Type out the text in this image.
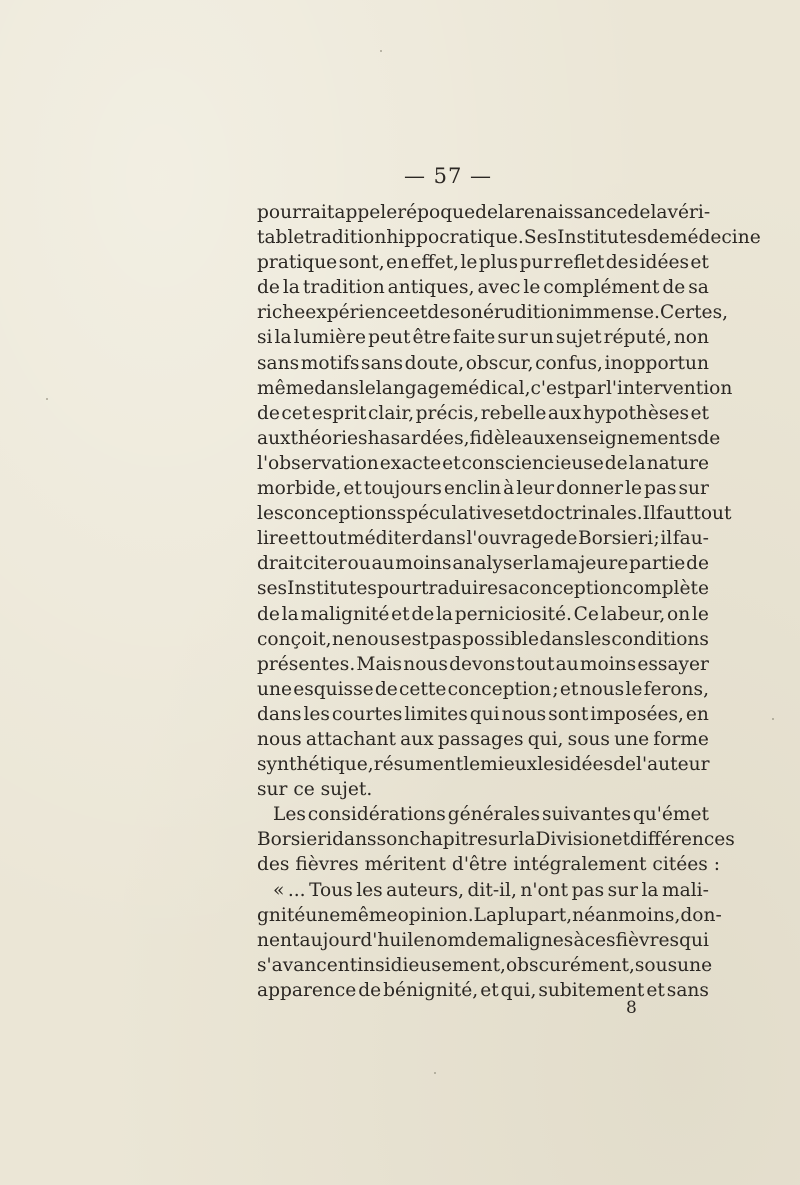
— 57 —
pourrait appeler époque de la renaissance de la véri-
table tradition hippocratique. Ses Institutes de médecine
pratique sont, en effet, le plus pur reflet des idées et
de la tradition antiques, avec le complément de sa
riche expérience et de son érudition immense. Certes,
si la lumière peut être faite sur un sujet réputé, non
sans motifs sans doute, obscur, confus, inopportun
même dans le langage médical, c'est par l'intervention
de cet esprit clair, précis, rebelle aux hypothèses et
aux théories hasardées, fidèle aux enseignements de
l'observation exacte et consciencieuse de la nature
morbide, et toujours enclin à leur donner le pas sur
les conceptions spéculatives et doctrinales. Il faut tout
lire et tout méditer dans l'ouvrage de Borsieri ; il fau-
drait citer ou au moins analyser la majeure partie de
ses Institutes pour traduire sa conception complète
de la malignité et de la perniciosité. Ce labeur, on le
conçoit, ne nous est pas possible dans les conditions
présentes. Mais nous devons tout au moins essayer
une esquisse de cette conception ; et nous le ferons,
dans les courtes limites qui nous sont imposées, en
nous attachant aux passages qui, sous une forme
synthétique, résument le mieux les idées de l'auteur
sur ce sujet.
Les considérations générales suivantes qu'émet
Borsieri dans son chapitre sur la Division et différences
des fièvres méritent d'être intégralement citées :
« ... Tous les auteurs, dit-il, n'ont pas sur la mali-
gnité une même opinion. La plupart, néanmoins, don-
nent aujourd'hui le nom de malignes à ces fièvres qui
s'avancent insidieusement, obscurément, sous une
apparence de bénignité, et qui, subitement et sans
8
